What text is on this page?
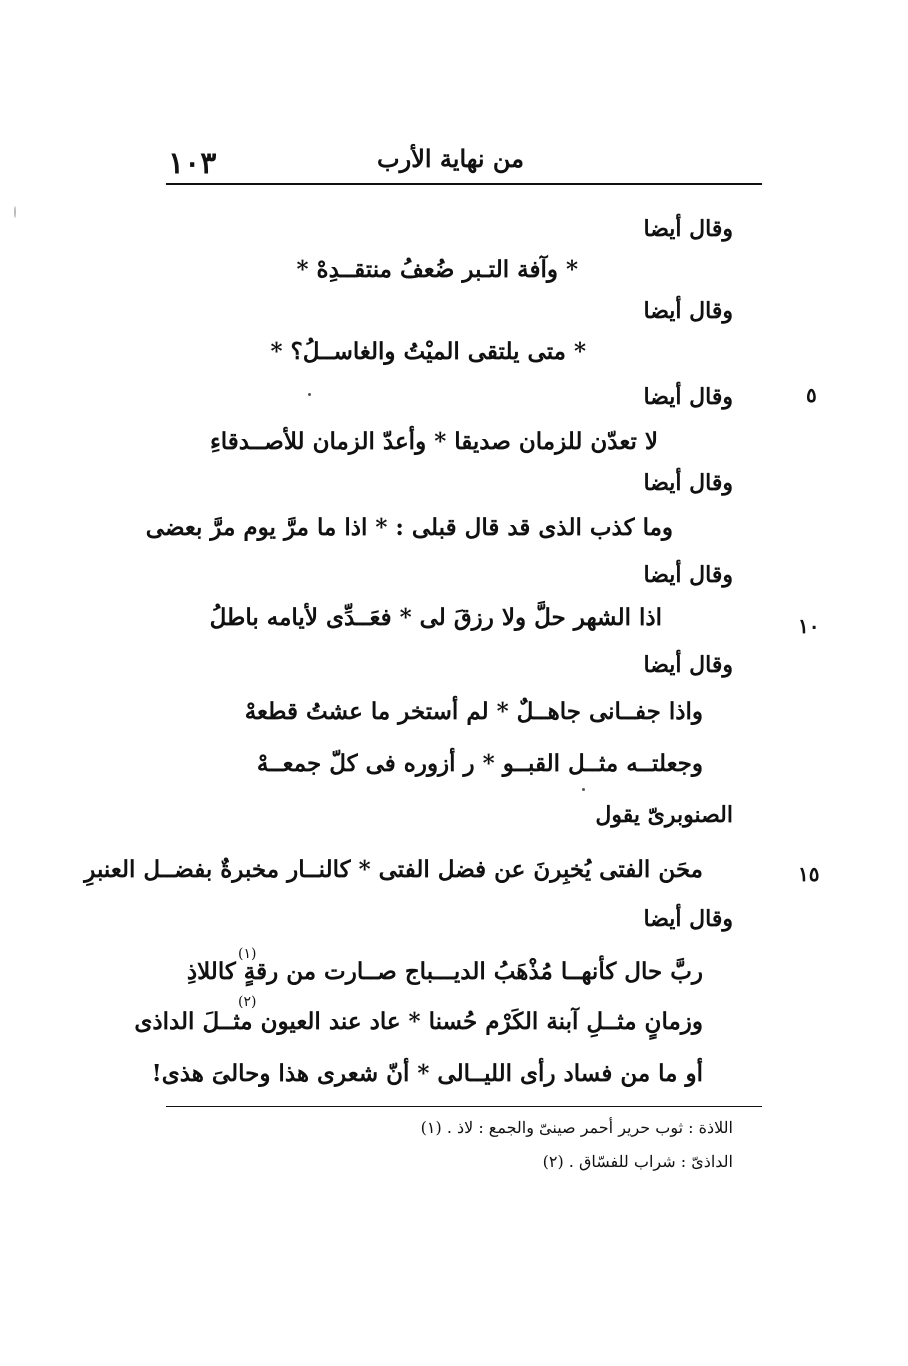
١٠٣	من نهاية الأرب
٥
١٠
١٥
وقال أيضا
* وآفة التـبر ضُعفُ منتقــدِهْ *
وقال أيضا
* متى يلتقى الميْتُ والغاســلُ؟ *
وقال أيضا
لا تعدّن للزمان صديقا * وأعدّ الزمان للأصــدقاءِ
وقال أيضا
وما كذب الذى قد قال قبلى : * اذا ما مرَّ يوم مرَّ بعضى
وقال أيضا
اذا الشهر حلَّ ولا رزقَ لى * فعَــدِّى لأيامه باطلُ
وقال أيضا
واذا جفــانى جاهــلٌ * لم أستخر ما عشتُ قطعهْ
وجعلتــه مثــل القبــو * ر أزوره فى كلّ جمعــهْ
الصنوبرىّ يقول
محَن الفتى يُخبِرنَ عن فضل الفتى * كالنــار مخبرةٌ بفضــل العنبرِ
وقال أيضا
(١)
ربَّ حال كأنهــا مُذْهَبُ الديـــباج صــارت من رقةٍ كاللاذِ
(٢)
وزمانٍ مثــلِ آبنة الكَرْم حُسنا * عاد عند العيون مثــلَ الداذى
أو ما من فساد رأى الليــالى * أنّ شعرى هذا وحالىَ هذى!
(١) اللاذة : ثوب حرير أحمر صينىّ والجمع : لاذ .
(٢) الداذىّ : شراب للفسّاق .
